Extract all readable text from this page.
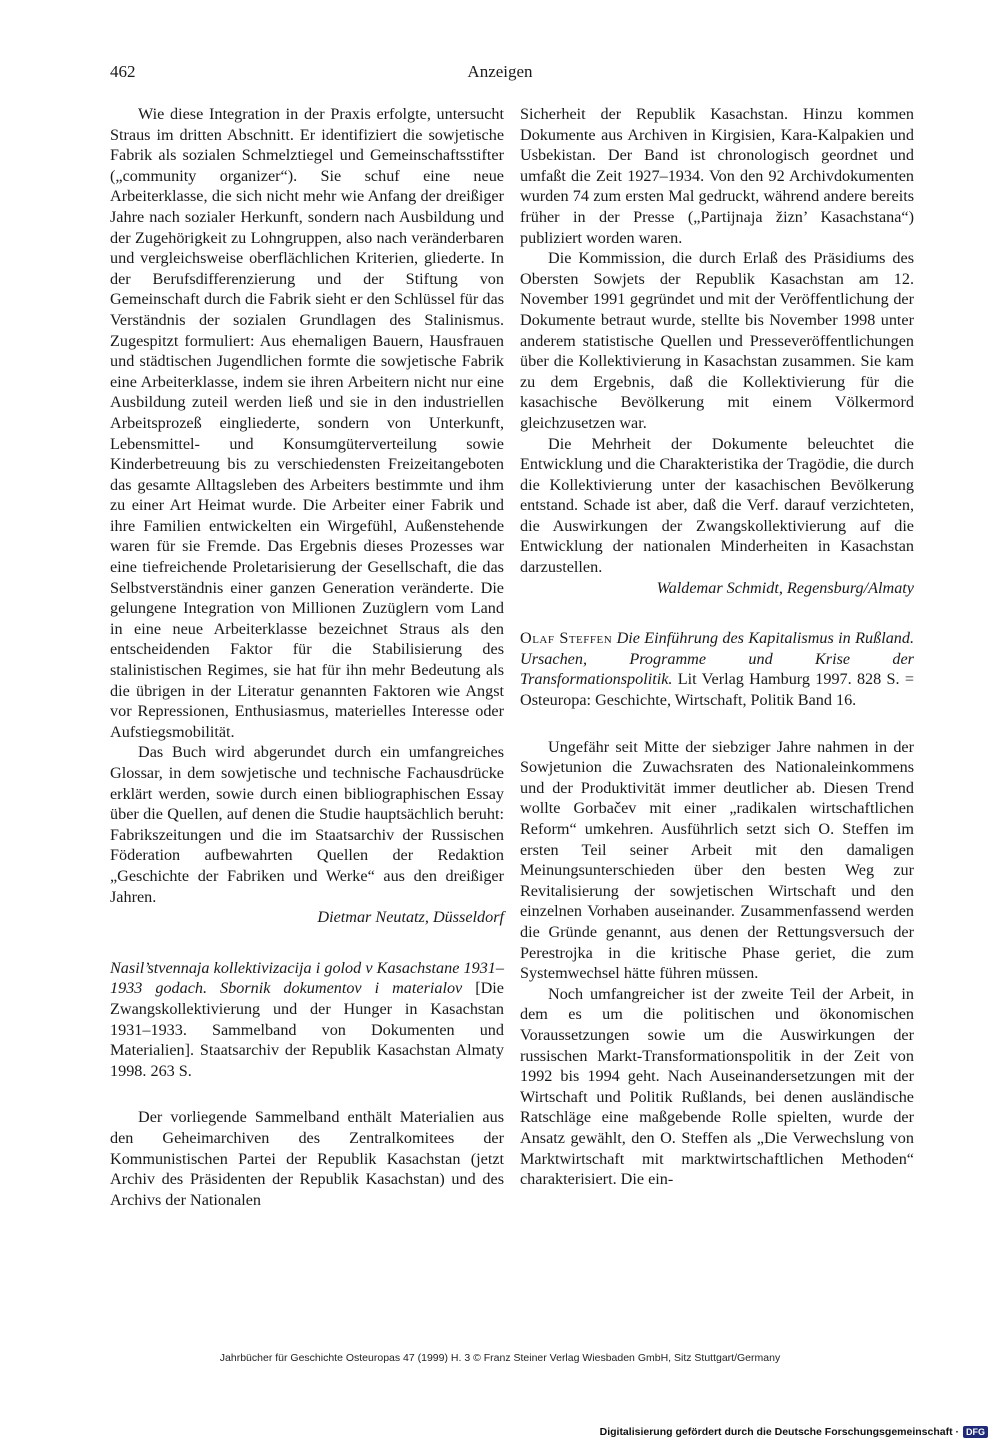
462	Anzeigen

Wie diese Integration in der Praxis erfolgte, untersucht Straus im dritten Abschnitt. Er identifiziert die sowjetische Fabrik als sozialen Schmelztiegel und Gemeinschaftsstifter („community organizer“). Sie schuf eine neue Arbeiterklasse, die sich nicht mehr wie Anfang der dreißiger Jahre nach sozialer Herkunft, sondern nach Ausbildung und der Zugehörigkeit zu Lohngruppen, also nach veränderbaren und vergleichsweise oberflächlichen Kriterien, gliederte. In der Berufsdifferenzierung und der Stiftung von Gemeinschaft durch die Fabrik sieht er den Schlüssel für das Verständnis der sozialen Grundlagen des Stalinismus. Zugespitzt formuliert: Aus ehemaligen Bauern, Hausfrauen und städtischen Jugendlichen formte die sowjetische Fabrik eine Arbeiterklasse, indem sie ihren Arbeitern nicht nur eine Ausbildung zuteil werden ließ und sie in den industriellen Arbeitsprozeß eingliederte, sondern von Unterkunft, Lebensmittel- und Konsumgüterverteilung sowie Kinderbetreuung bis zu verschiedensten Freizeitangeboten das gesamte Alltagsleben des Arbeiters bestimmte und ihm zu einer Art Heimat wurde. Die Arbeiter einer Fabrik und ihre Familien entwickelten ein Wirgefühl, Außenstehende waren für sie Fremde. Das Ergebnis dieses Prozesses war eine tiefreichende Proletarisierung der Gesellschaft, die das Selbstverständnis einer ganzen Generation veränderte. Die gelungene Integration von Millionen Zuzüglern vom Land in eine neue Arbeiterklasse bezeichnet Straus als den entscheidenden Faktor für die Stabilisierung des stalinistischen Regimes, sie hat für ihn mehr Bedeutung als die übrigen in der Literatur genannten Faktoren wie Angst vor Repressionen, Enthusiasmus, materielles Interesse oder Aufstiegsmobilität.

Das Buch wird abgerundet durch ein umfangreiches Glossar, in dem sowjetische und technische Fachausdrücke erklärt werden, sowie durch einen bibliographischen Essay über die Quellen, auf denen die Studie hauptsächlich beruht: Fabrikszeitungen und die im Staatsarchiv der Russischen Föderation aufbewahrten Quellen der Redaktion „Geschichte der Fabriken und Werke“ aus den dreißiger Jahren.

Dietmar Neutatz, Düsseldorf

Nasil’stvennaja kollektivizacija i golod v Kasachstane 1931–1933 godach. Sbornik dokumentov i materialov [Die Zwangskollektivierung und der Hunger in Kasachstan 1931–1933. Sammelband von Dokumenten und Materialien]. Staatsarchiv der Republik Kasachstan Almaty 1998. 263 S.

Der vorliegende Sammelband enthält Materialien aus den Geheimarchiven des Zentralkomitees der Kommunistischen Partei der Republik Kasachstan (jetzt Archiv des Präsidenten der Republik Kasachstan) und des Archivs der Nationalen

Sicherheit der Republik Kasachstan. Hinzu kommen Dokumente aus Archiven in Kirgisien, Kara-Kalpakien und Usbekistan. Der Band ist chronologisch geordnet und umfaßt die Zeit 1927–1934. Von den 92 Archivdokumenten wurden 74 zum ersten Mal gedruckt, während andere bereits früher in der Presse („Partijnaja žizn’ Kasachstana“) publiziert worden waren.

Die Kommission, die durch Erlaß des Präsidiums des Obersten Sowjets der Republik Kasachstan am 12. November 1991 gegründet und mit der Veröffentlichung der Dokumente betraut wurde, stellte bis November 1998 unter anderem statistische Quellen und Presseveröffentlichungen über die Kollektivierung in Kasachstan zusammen. Sie kam zu dem Ergebnis, daß die Kollektivierung für die kasachische Bevölkerung mit einem Völkermord gleichzusetzen war.

Die Mehrheit der Dokumente beleuchtet die Entwicklung und die Charakteristika der Tragödie, die durch die Kollektivierung unter der kasachischen Bevölkerung entstand. Schade ist aber, daß die Verf. darauf verzichteten, die Auswirkungen der Zwangskollektivierung auf die Entwicklung der nationalen Minderheiten in Kasachstan darzustellen.

Waldemar Schmidt, Regensburg/Almaty

Olaf Steffen Die Einführung des Kapitalismus in Rußland. Ursachen, Programme und Krise der Transformationspolitik. Lit Verlag Hamburg 1997. 828 S. = Osteuropa: Geschichte, Wirtschaft, Politik Band 16.

Ungefähr seit Mitte der siebziger Jahre nahmen in der Sowjetunion die Zuwachsraten des Nationaleinkommens und der Produktivität immer deutlicher ab. Diesen Trend wollte Gorbačev mit einer „radikalen wirtschaftlichen Reform“ umkehren. Ausführlich setzt sich O. Steffen im ersten Teil seiner Arbeit mit den damaligen Meinungsunterschieden über den besten Weg zur Revitalisierung der sowjetischen Wirtschaft und den einzelnen Vorhaben auseinander. Zusammenfassend werden die Gründe genannt, aus denen der Rettungsversuch der Perestrojka in die kritische Phase geriet, die zum Systemwechsel hätte führen müssen.

Noch umfangreicher ist der zweite Teil der Arbeit, in dem es um die politischen und ökonomischen Voraussetzungen sowie um die Auswirkungen der russischen Markt-Transformationspolitik in der Zeit von 1992 bis 1994 geht. Nach Auseinandersetzungen mit der Wirtschaft und Politik Rußlands, bei denen ausländische Ratschläge eine maßgebende Rolle spielten, wurde der Ansatz gewählt, den O. Steffen als „Die Verwechslung von Marktwirtschaft mit marktwirtschaftlichen Methoden“ charakterisiert. Die ein-

Jahrbücher für Geschichte Osteuropas 47 (1999) H. 3 © Franz Steiner Verlag Wiesbaden GmbH, Sitz Stuttgart/Germany
Digitalisierung gefördert durch die Deutsche Forschungsgemeinschaft · DFG
